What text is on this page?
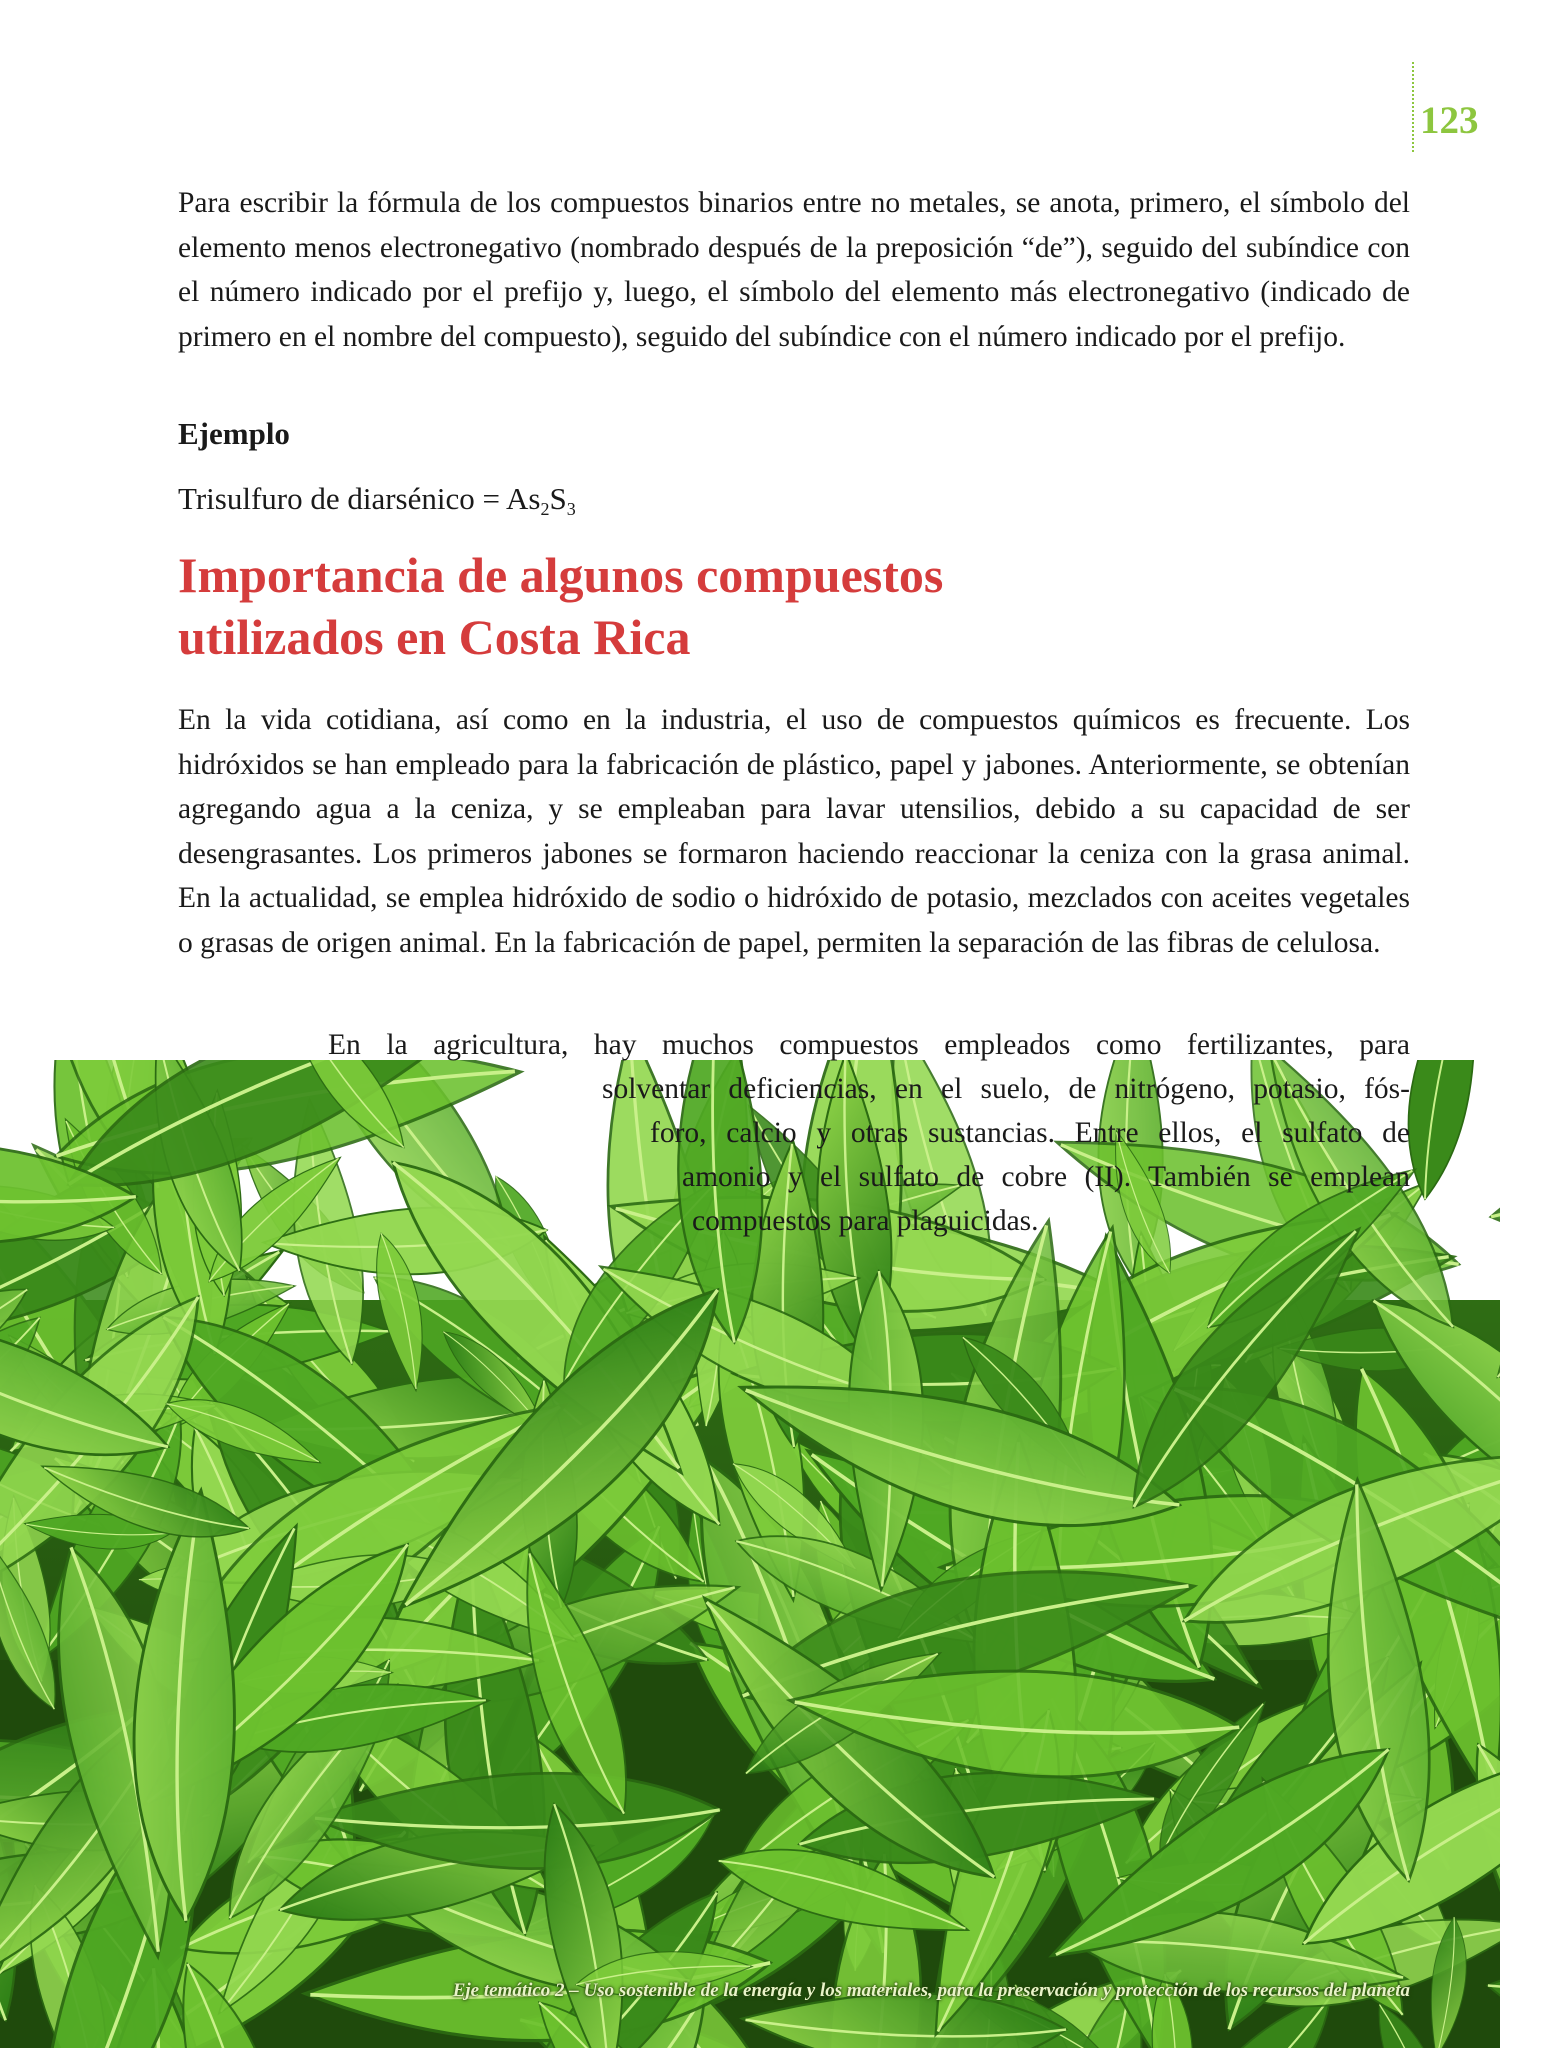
123

Para escribir la fórmula de los compuestos binarios entre no metales, se anota, primero, el símbolo del elemento menos electronegativo (nombrado después de la preposición “de”), seguido del subíndice con el número indicado por el prefijo y, luego, el símbolo del elemento más electronegativo (indicado de primero en el nombre del compuesto), seguido del subíndice con el número indicado por el prefijo.

Ejemplo
Trisulfuro de diarsénico = $As_2S_3$
Importancia de algunos compuestos
utilizados en Costa Rica

En la vida cotidiana, así como en la industria, el uso de compuestos químicos es frecuente. Los hidróxidos se han empleado para la fabricación de plástico, papel y jabones. Anteriormente, se obtenían agregando agua a la ceniza, y se empleaban para lavar utensilios, debido a su capacidad de ser desengrasantes. Los primeros jabones se formaron haciendo reaccionar la ceniza con la grasa animal. En la actualidad, se emplea hidróxido de sodio o hidróxido de potasio, mezclados con aceites vegetales o grasas de origen animal. En la fabricación de papel, permiten la separación de las fibras de celulosa.

En la agricultura, hay muchos compuestos empleados como fertilizantes, para
solventar deficiencias, en el suelo, de nitrógeno, potasio, fós-
foro, calcio y otras sustancias. Entre ellos, el sulfato de
amonio y el sulfato de cobre (II). También se emplean
compuestos para plaguicidas.
Eje temático 2 – Uso sostenible de la energía y los materiales, para la preservación y protección de los recursos del planeta
